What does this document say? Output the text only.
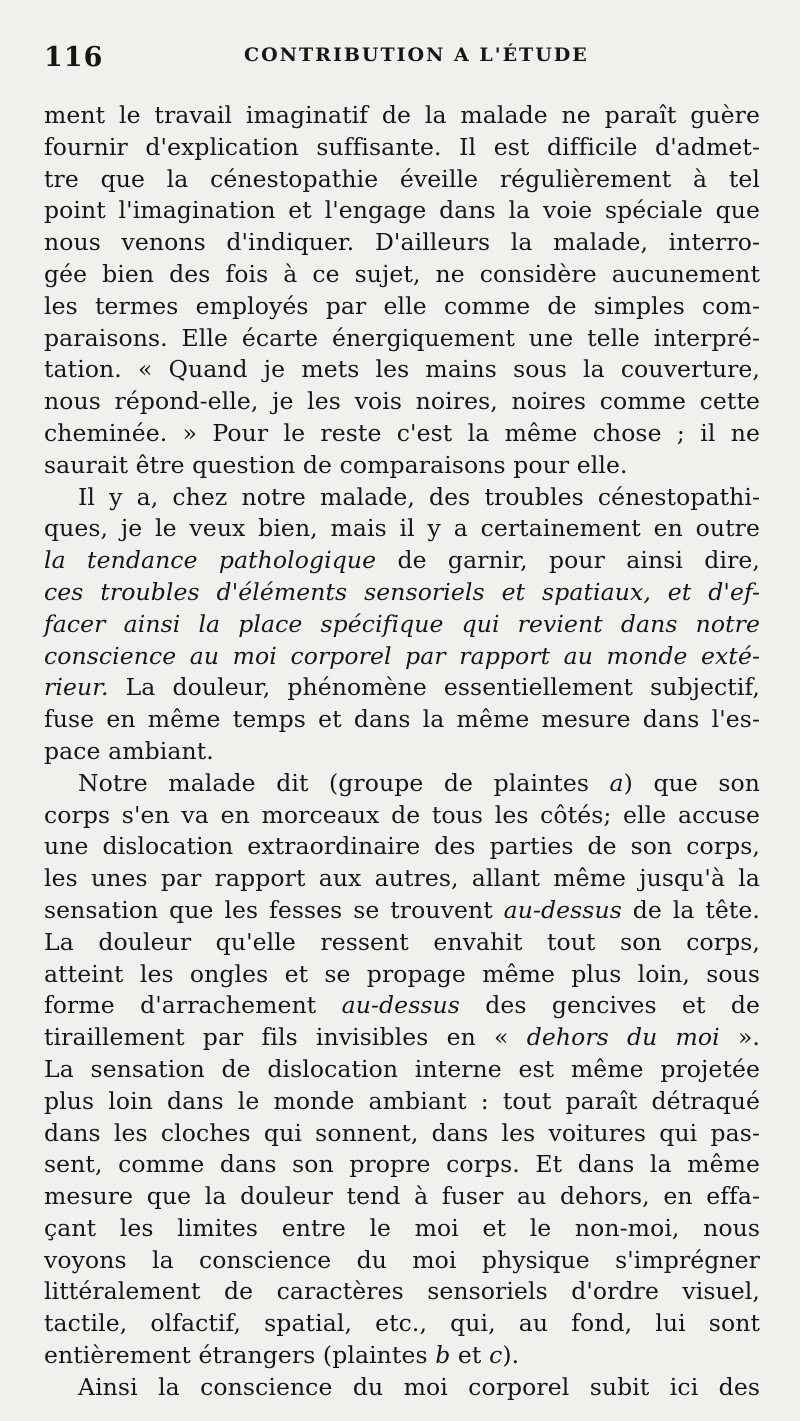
116	CONTRIBUTION A L'ÉTUDE
ment le travail imaginatif de la malade ne paraît guère
fournir d'explication suffisante. Il est difficile d'admet-
tre que la cénestopathie éveille régulièrement à tel
point l'imagination et l'engage dans la voie spéciale que
nous venons d'indiquer. D'ailleurs la malade, interro-
gée bien des fois à ce sujet, ne considère aucunement
les termes employés par elle comme de simples com-
paraisons. Elle écarte énergiquement une telle interpré-
tation. « Quand je mets les mains sous la couverture,
nous répond-elle, je les vois noires, noires comme cette
cheminée. » Pour le reste c'est la même chose ; il ne
saurait être question de comparaisons pour elle.
Il y a, chez notre malade, des troubles cénestopathi-
ques, je le veux bien, mais il y a certainement en outre
la tendance pathologique de garnir, pour ainsi dire,
ces troubles d'éléments sensoriels et spatiaux, et d'ef-
facer ainsi la place spécifique qui revient dans notre
conscience au moi corporel par rapport au monde exté-
rieur. La douleur, phénomène essentiellement subjectif,
fuse en même temps et dans la même mesure dans l'es-
pace ambiant.
Notre malade dit (groupe de plaintes a) que son
corps s'en va en morceaux de tous les côtés; elle accuse
une dislocation extraordinaire des parties de son corps,
les unes par rapport aux autres, allant même jusqu'à la
sensation que les fesses se trouvent au-dessus de la tête.
La douleur qu'elle ressent envahit tout son corps,
atteint les ongles et se propage même plus loin, sous
forme d'arrachement au-dessus des gencives et de
tiraillement par fils invisibles en « dehors du moi ».
La sensation de dislocation interne est même projetée
plus loin dans le monde ambiant : tout paraît détraqué
dans les cloches qui sonnent, dans les voitures qui pas-
sent, comme dans son propre corps. Et dans la même
mesure que la douleur tend à fuser au dehors, en effa-
çant les limites entre le moi et le non-moi, nous
voyons la conscience du moi physique s'imprégner
littéralement de caractères sensoriels d'ordre visuel,
tactile, olfactif, spatial, etc., qui, au fond, lui sont
entièrement étrangers (plaintes b et c).
Ainsi la conscience du moi corporel subit ici des
